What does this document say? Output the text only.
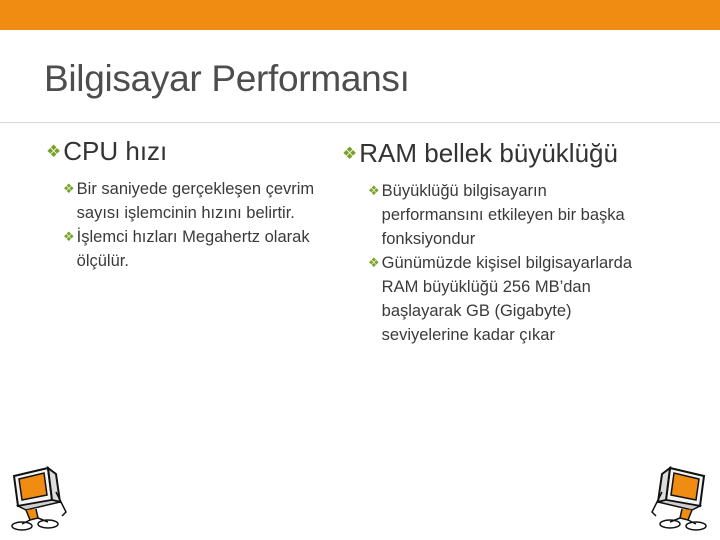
Bilgisayar Performansı
❖ CPU hızı
❖ Bir saniyede gerçekleşen çevrim sayısı işlemcinin hızını belirtir.
❖ İşlemci hızları Megahertz olarak ölçülür.
❖ RAM bellek büyüklüğü
❖ Büyüklüğü bilgisayarın performansını etkileyen bir başka fonksiyondur
❖ Günümüzde kişisel bilgisayarlarda RAM büyüklüğü 256 MB’dan başlayarak GB (Gigabyte) seviyelerine kadar çıkar
